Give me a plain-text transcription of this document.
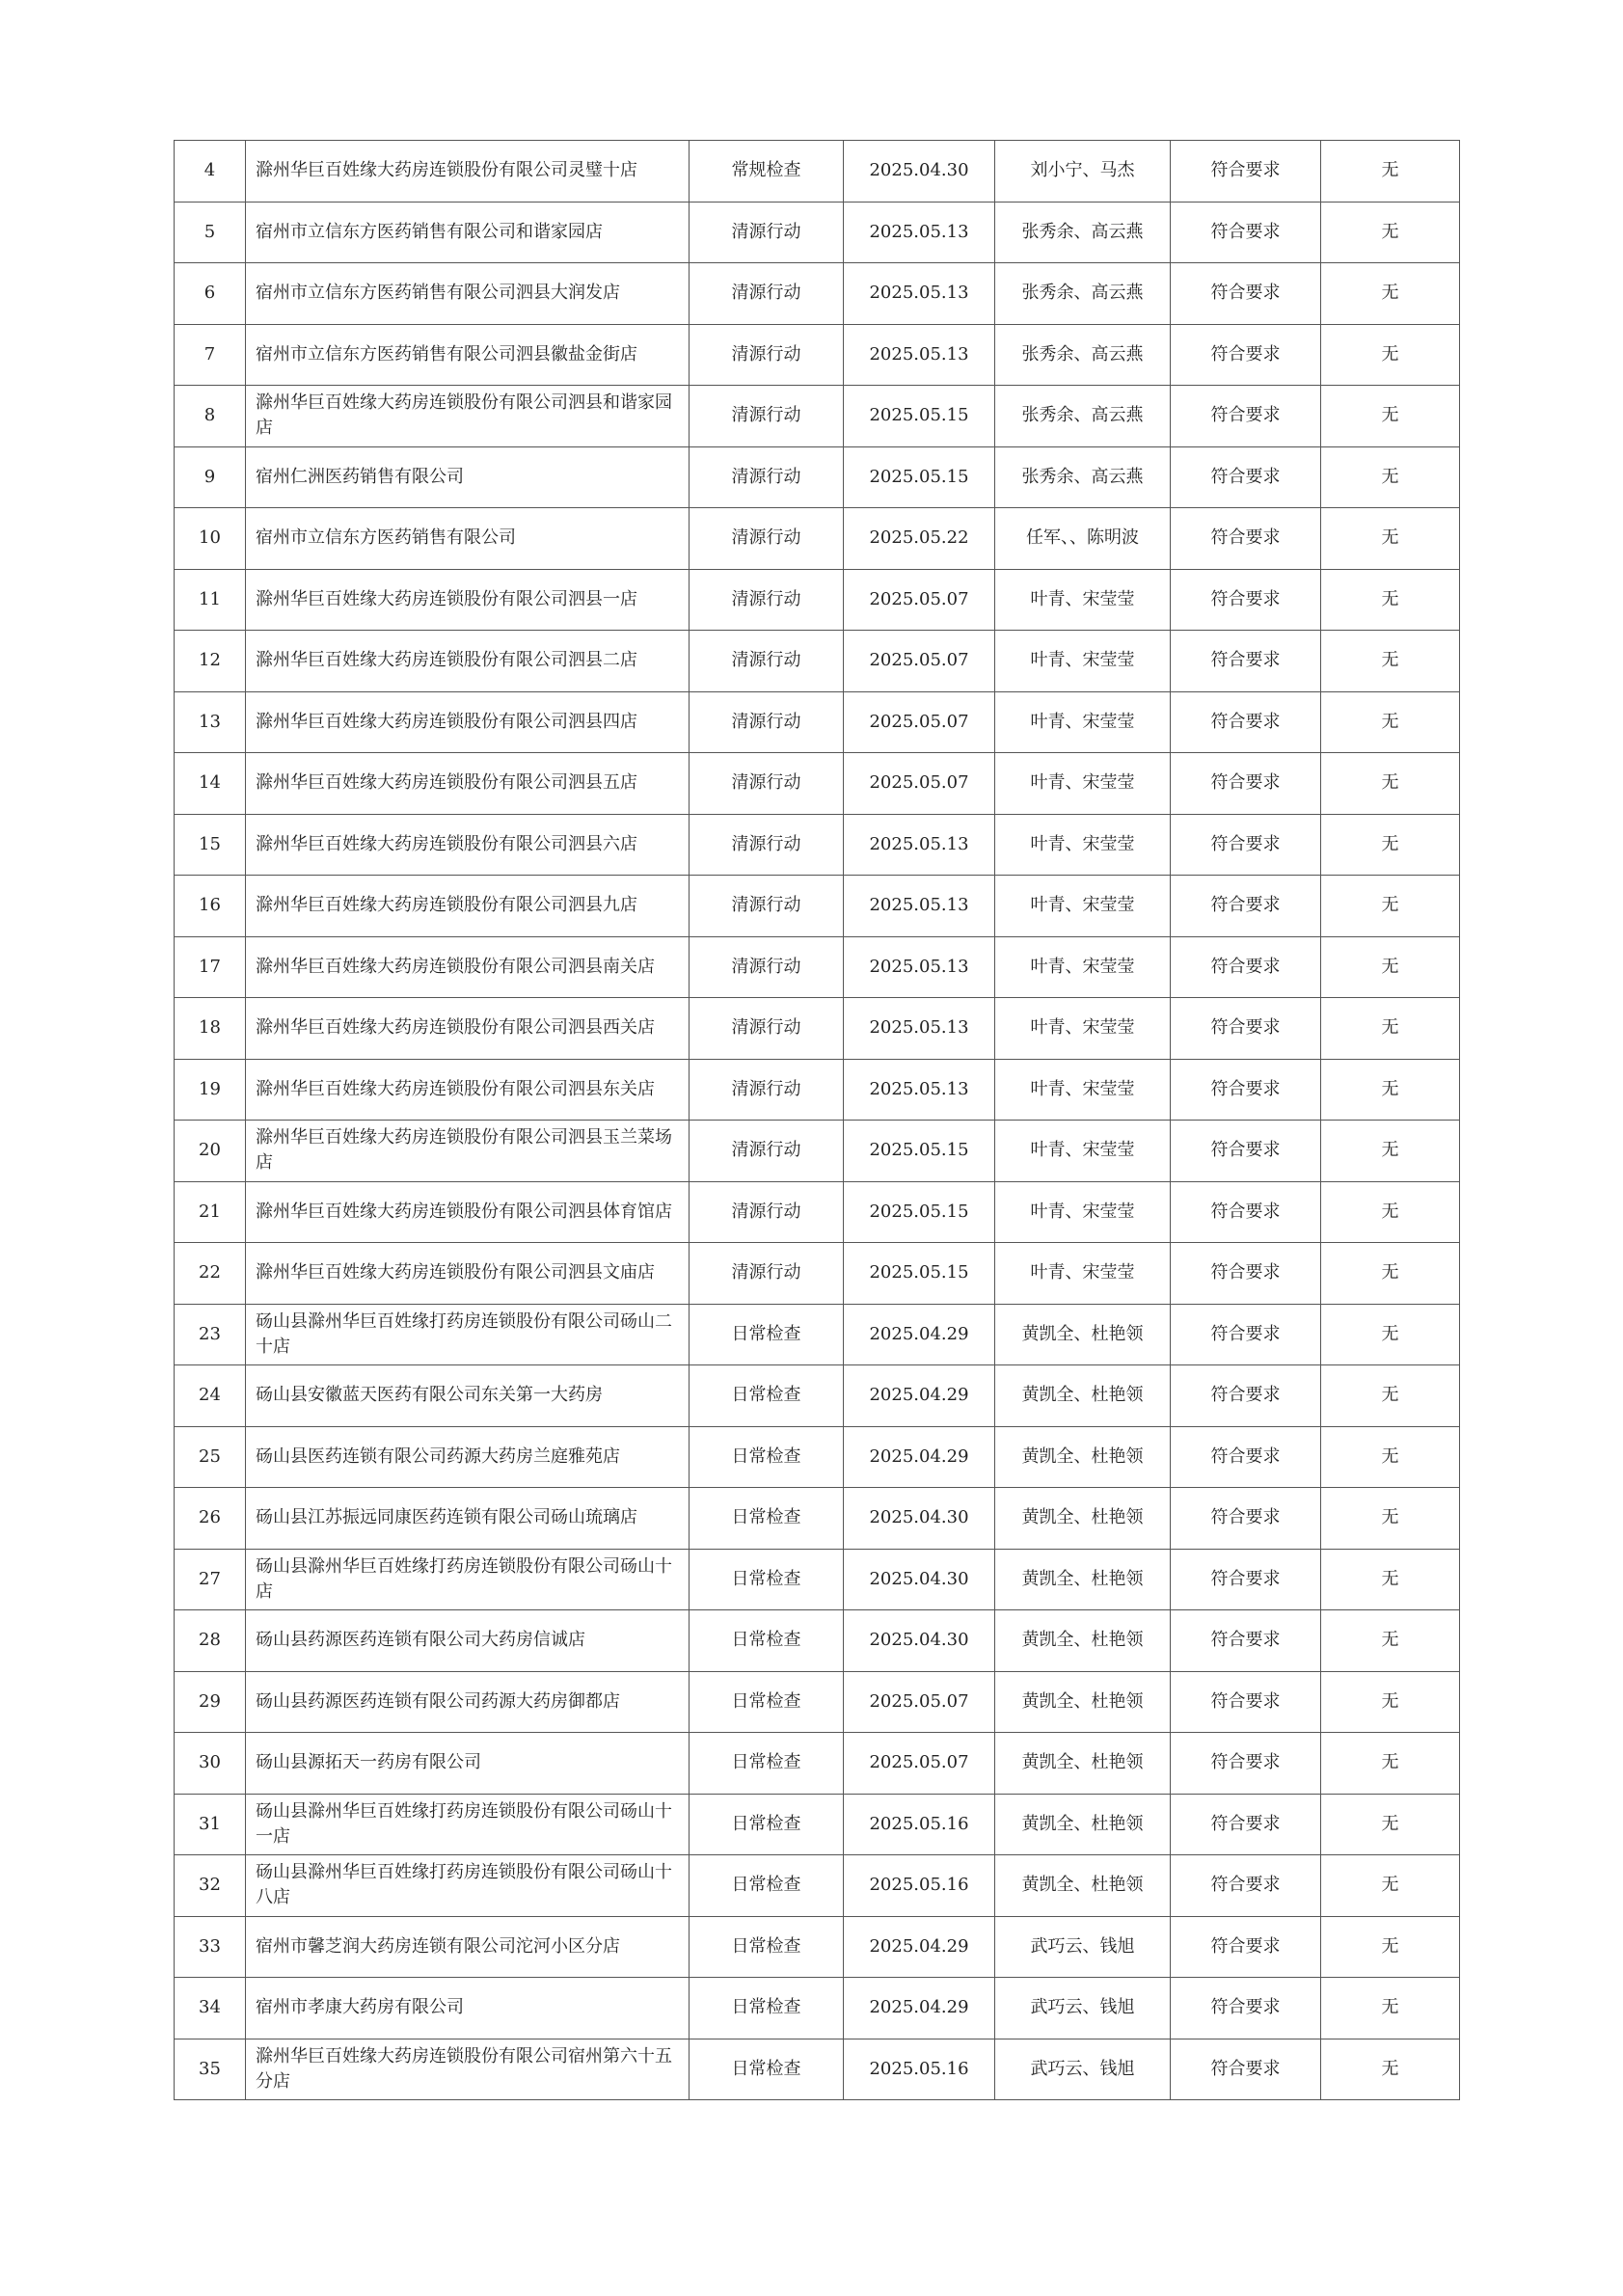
4	滁州华巨百姓缘大药房连锁股份有限公司灵璧十店	常规检查	2025.04.30	刘小宁、马杰	符合要求	无
5	宿州市立信东方医药销售有限公司和谐家园店	清源行动	2025.05.13	张秀余、高云燕	符合要求	无
6	宿州市立信东方医药销售有限公司泗县大润发店	清源行动	2025.05.13	张秀余、高云燕	符合要求	无
7	宿州市立信东方医药销售有限公司泗县徽盐金街店	清源行动	2025.05.13	张秀余、高云燕	符合要求	无
8	滁州华巨百姓缘大药房连锁股份有限公司泗县和谐家园店	清源行动	2025.05.15	张秀余、高云燕	符合要求	无
9	宿州仁洲医药销售有限公司	清源行动	2025.05.15	张秀余、高云燕	符合要求	无
10	宿州市立信东方医药销售有限公司	清源行动	2025.05.22	任军、、陈明波	符合要求	无
11	滁州华巨百姓缘大药房连锁股份有限公司泗县一店	清源行动	2025.05.07	叶青、宋莹莹	符合要求	无
12	滁州华巨百姓缘大药房连锁股份有限公司泗县二店	清源行动	2025.05.07	叶青、宋莹莹	符合要求	无
13	滁州华巨百姓缘大药房连锁股份有限公司泗县四店	清源行动	2025.05.07	叶青、宋莹莹	符合要求	无
14	滁州华巨百姓缘大药房连锁股份有限公司泗县五店	清源行动	2025.05.07	叶青、宋莹莹	符合要求	无
15	滁州华巨百姓缘大药房连锁股份有限公司泗县六店	清源行动	2025.05.13	叶青、宋莹莹	符合要求	无
16	滁州华巨百姓缘大药房连锁股份有限公司泗县九店	清源行动	2025.05.13	叶青、宋莹莹	符合要求	无
17	滁州华巨百姓缘大药房连锁股份有限公司泗县南关店	清源行动	2025.05.13	叶青、宋莹莹	符合要求	无
18	滁州华巨百姓缘大药房连锁股份有限公司泗县西关店	清源行动	2025.05.13	叶青、宋莹莹	符合要求	无
19	滁州华巨百姓缘大药房连锁股份有限公司泗县东关店	清源行动	2025.05.13	叶青、宋莹莹	符合要求	无
20	滁州华巨百姓缘大药房连锁股份有限公司泗县玉兰菜场店	清源行动	2025.05.15	叶青、宋莹莹	符合要求	无
21	滁州华巨百姓缘大药房连锁股份有限公司泗县体育馆店	清源行动	2025.05.15	叶青、宋莹莹	符合要求	无
22	滁州华巨百姓缘大药房连锁股份有限公司泗县文庙店	清源行动	2025.05.15	叶青、宋莹莹	符合要求	无
23	砀山县滁州华巨百姓缘打药房连锁股份有限公司砀山二十店	日常检查	2025.04.29	黄凯全、杜艳领	符合要求	无
24	砀山县安徽蓝天医药有限公司东关第一大药房	日常检查	2025.04.29	黄凯全、杜艳领	符合要求	无
25	砀山县医药连锁有限公司药源大药房兰庭雅苑店	日常检查	2025.04.29	黄凯全、杜艳领	符合要求	无
26	砀山县江苏振远同康医药连锁有限公司砀山琉璃店	日常检查	2025.04.30	黄凯全、杜艳领	符合要求	无
27	砀山县滁州华巨百姓缘打药房连锁股份有限公司砀山十店	日常检查	2025.04.30	黄凯全、杜艳领	符合要求	无
28	砀山县药源医药连锁有限公司大药房信诚店	日常检查	2025.04.30	黄凯全、杜艳领	符合要求	无
29	砀山县药源医药连锁有限公司药源大药房御都店	日常检查	2025.05.07	黄凯全、杜艳领	符合要求	无
30	砀山县源拓天一药房有限公司	日常检查	2025.05.07	黄凯全、杜艳领	符合要求	无
31	砀山县滁州华巨百姓缘打药房连锁股份有限公司砀山十一店	日常检查	2025.05.16	黄凯全、杜艳领	符合要求	无
32	砀山县滁州华巨百姓缘打药房连锁股份有限公司砀山十八店	日常检查	2025.05.16	黄凯全、杜艳领	符合要求	无
33	宿州市馨芝润大药房连锁有限公司沱河小区分店	日常检查	2025.04.29	武巧云、钱旭	符合要求	无
34	宿州市孝康大药房有限公司	日常检查	2025.04.29	武巧云、钱旭	符合要求	无
35	滁州华巨百姓缘大药房连锁股份有限公司宿州第六十五分店	日常检查	2025.05.16	武巧云、钱旭	符合要求	无
